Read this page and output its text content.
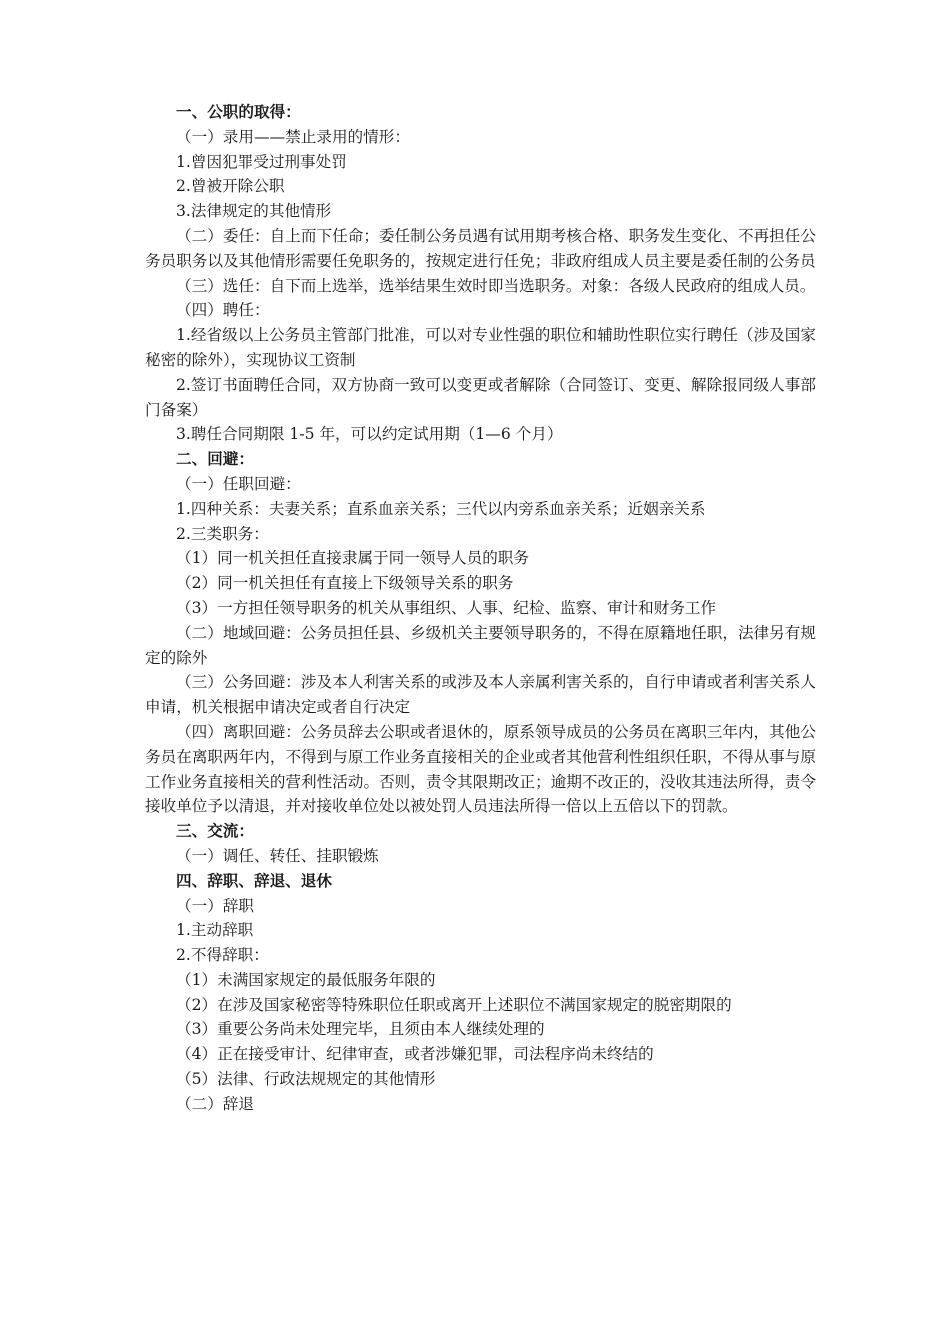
一、公职的取得：

（一）录用——禁止录用的情形：

1.曾因犯罪受过刑事处罚

2.曾被开除公职

3.法律规定的其他情形

（二）委任：自上而下任命；委任制公务员遇有试用期考核合格、职务发生变化、不再担任公务员职务以及其他情形需要任免职务的，按规定进行任免；非政府组成人员主要是委任制的公务员

（三）选任：自下而上选举，选举结果生效时即当选职务。对象：各级人民政府的组成人员。

（四）聘任：

1.经省级以上公务员主管部门批准，可以对专业性强的职位和辅助性职位实行聘任（涉及国家秘密的除外），实现协议工资制

2.签订书面聘任合同，双方协商一致可以变更或者解除（合同签订、变更、解除报同级人事部门备案）

3.聘任合同期限 1-5 年，可以约定试用期（1—6 个月）

二、回避：

（一）任职回避：

1.四种关系：夫妻关系；直系血亲关系；三代以内旁系血亲关系；近姻亲关系

2.三类职务：

（1）同一机关担任直接隶属于同一领导人员的职务

（2）同一机关担任有直接上下级领导关系的职务

（3）一方担任领导职务的机关从事组织、人事、纪检、监察、审计和财务工作

（二）地域回避：公务员担任县、乡级机关主要领导职务的，不得在原籍地任职，法律另有规定的除外

（三）公务回避：涉及本人利害关系的或涉及本人亲属利害关系的，自行申请或者利害关系人申请，机关根据申请决定或者自行决定

（四）离职回避：公务员辞去公职或者退休的，原系领导成员的公务员在离职三年内，其他公务员在离职两年内，不得到与原工作业务直接相关的企业或者其他营利性组织任职，不得从事与原工作业务直接相关的营利性活动。否则，责令其限期改正；逾期不改正的，没收其违法所得，责令接收单位予以清退，并对接收单位处以被处罚人员违法所得一倍以上五倍以下的罚款。

三、交流：

（一）调任、转任、挂职锻炼

四、辞职、辞退、退休

（一）辞职

1.主动辞职

2.不得辞职：

（1）未满国家规定的最低服务年限的

（2）在涉及国家秘密等特殊职位任职或离开上述职位不满国家规定的脱密期限的

（3）重要公务尚未处理完毕，且须由本人继续处理的

（4）正在接受审计、纪律审查，或者涉嫌犯罪，司法程序尚未终结的

（5）法律、行政法规规定的其他情形

（二）辞退
